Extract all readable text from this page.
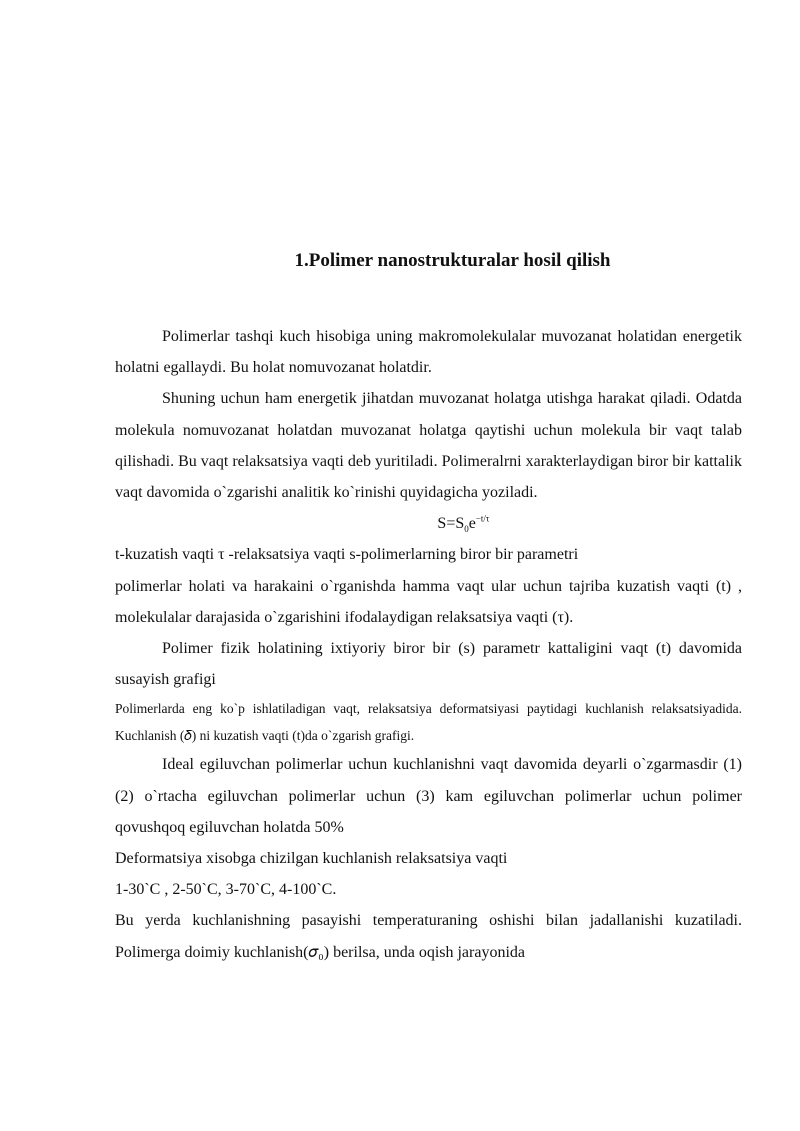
1.Polimer nanostrukturalar hosil qilish

Polimerlar tashqi kuch hisobiga uning makromolekulalar muvozanat holatidan energetik holatni egallaydi. Bu holat nomuvozanat holatdir.

Shuning uchun ham energetik jihatdan muvozanat holatga utishga harakat qiladi. Odatda molekula nomuvozanat holatdan muvozanat holatga qaytishi uchun molekula bir vaqt talab qilishadi. Bu vaqt relaksatsiya vaqti deb yuritiladi. Polimeralrni xarakterlaydigan biror bir kattalik vaqt davomida o`zgarishi analitik ko`rinishi quyidagicha yoziladi.

$S=S_0e^{-t/\tau}$

t-kuzatish vaqti τ -relaksatsiya vaqti s-polimerlarning biror bir parametri

polimerlar holati va harakaini o`rganishda hamma vaqt ular uchun tajriba kuzatish vaqti (t) , molekulalar darajasida o`zgarishini ifodalaydigan relaksatsiya vaqti (τ).

Polimer fizik holatining ixtiyoriy biror bir (s) parametr kattaligini vaqt (t) davomida susayish grafigi

Polimerlarda eng ko`p ishlatiladigan vaqt, relaksatsiya deformatsiyasi paytidagi kuchlanish relaksatsiyadida. Kuchlanish (𝛿) ni kuzatish vaqti (t)da o`zgarish grafigi.

Ideal egiluvchan polimerlar uchun kuchlanishni vaqt davomida deyarli o`zgarmasdir (1) (2) o`rtacha egiluvchan polimerlar uchun (3) kam egiluvchan polimerlar uchun polimer qovushqoq egiluvchan holatda 50%

Deformatsiya xisobga chizilgan kuchlanish relaksatsiya vaqti

1-30`C , 2-50`C, 3-70`C, 4-100`C.

Bu yerda kuchlanishning pasayishi temperaturaning oshishi bilan jadallanishi kuzatiladi. Polimerga doimiy kuchlanish(𝜎₀) berilsa, unda oqish jarayonida
